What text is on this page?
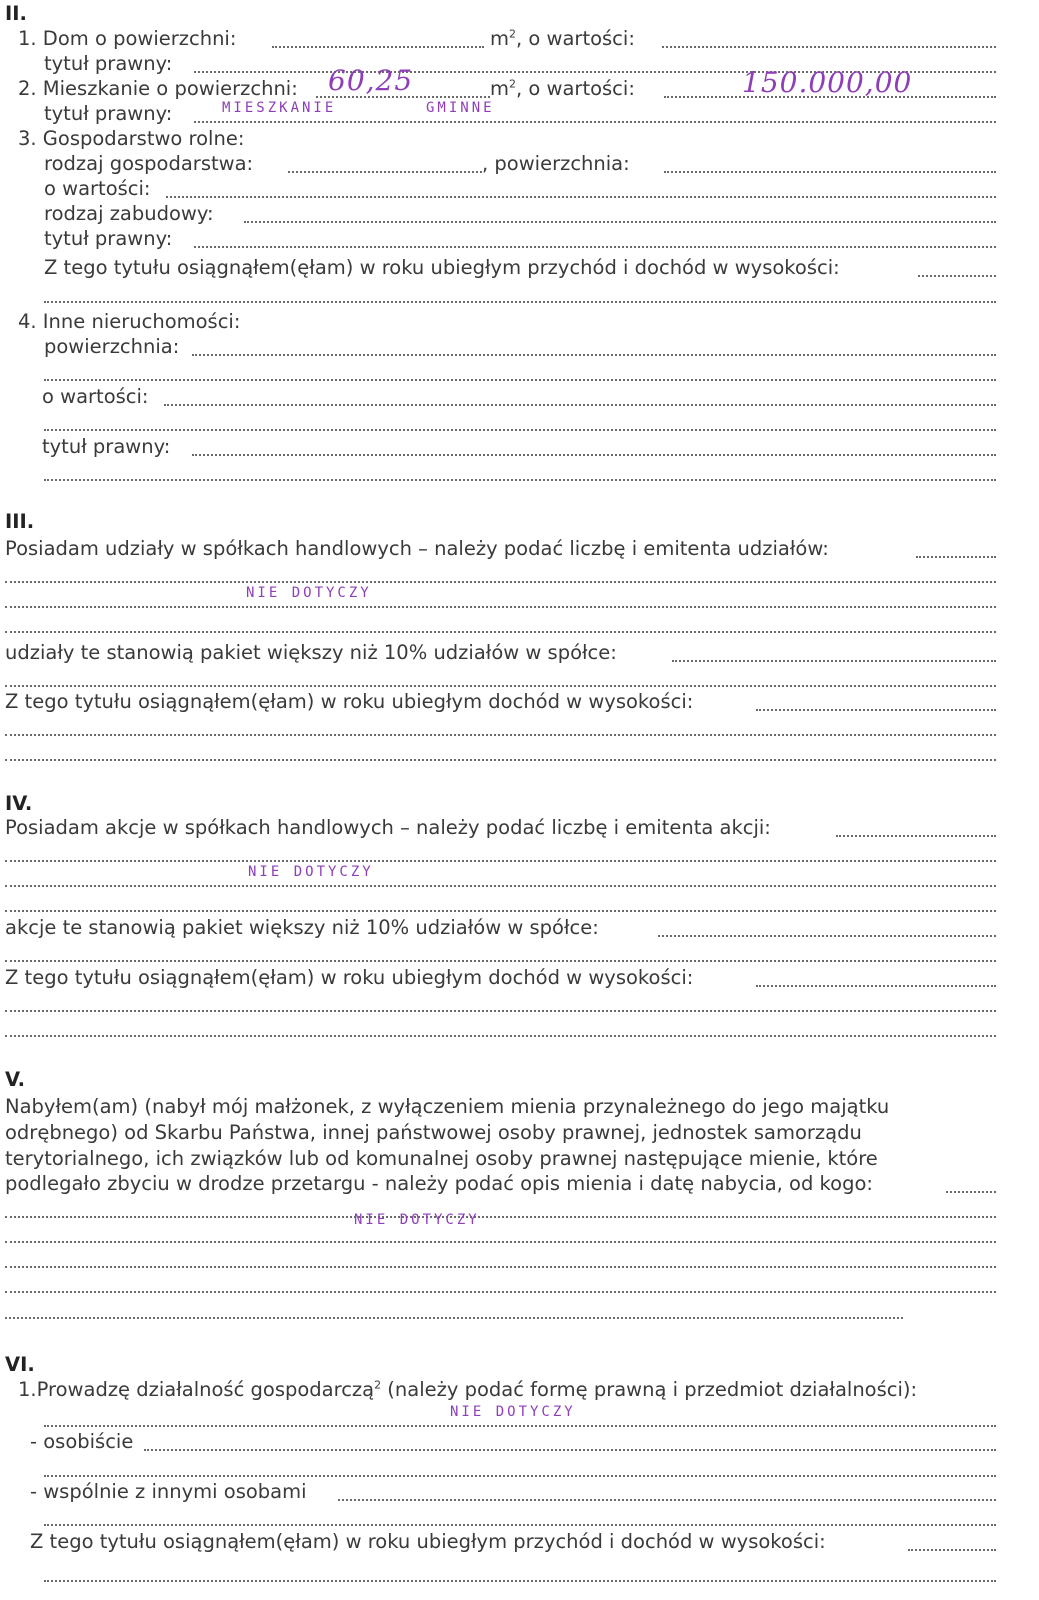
II.
1. Dom o powierzchni:	$m^2$, o wartości:
tytuł prawny:
2. Mieszkanie o powierzchni: 60,25	$m^2$, o wartości:	150.000,00
tytuł prawny:	MIESZKANIE	GMINNE
3. Gospodarstwo rolne:
rodzaj gospodarstwa:	, powierzchnia:
o wartości:
rodzaj zabudowy:
tytuł prawny:
Z tego tytułu osiągnąłem(ęłam) w roku ubiegłym przychód i dochód w wysokości:
4. Inne nieruchomości:
powierzchnia:
o wartości:
tytuł prawny:
III.
Posiadam udziały w spółkach handlowych – należy podać liczbę i emitenta udziałów:
NIE DOTYCZY
udziały te stanowią pakiet większy niż 10% udziałów w spółce:
Z tego tytułu osiągnąłem(ęłam) w roku ubiegłym dochód w wysokości:
IV.
Posiadam akcje w spółkach handlowych – należy podać liczbę i emitenta akcji:
NIE DOTYCZY
akcje te stanowią pakiet większy niż 10% udziałów w spółce:
Z tego tytułu osiągnąłem(ęłam) w roku ubiegłym dochód w wysokości:
V.
Nabyłem(am) (nabył mój małżonek, z wyłączeniem mienia przynależnego do jego majątku
odrębnego) od Skarbu Państwa, innej państwowej osoby prawnej, jednostek samorządu
terytorialnego, ich związków lub od komunalnej osoby prawnej następujące mienie, które
podlegało zbyciu w drodze przetargu - należy podać opis mienia i datę nabycia, od kogo:
NIE DOTYCZY
VI.
1.Prowadzę działalność gospodarczą$^2$ (należy podać formę prawną i przedmiot działalności):
NIE DOTYCZY
- osobiście
- wspólnie z innymi osobami
Z tego tytułu osiągnąłem(ęłam) w roku ubiegłym przychód i dochód w wysokości:
